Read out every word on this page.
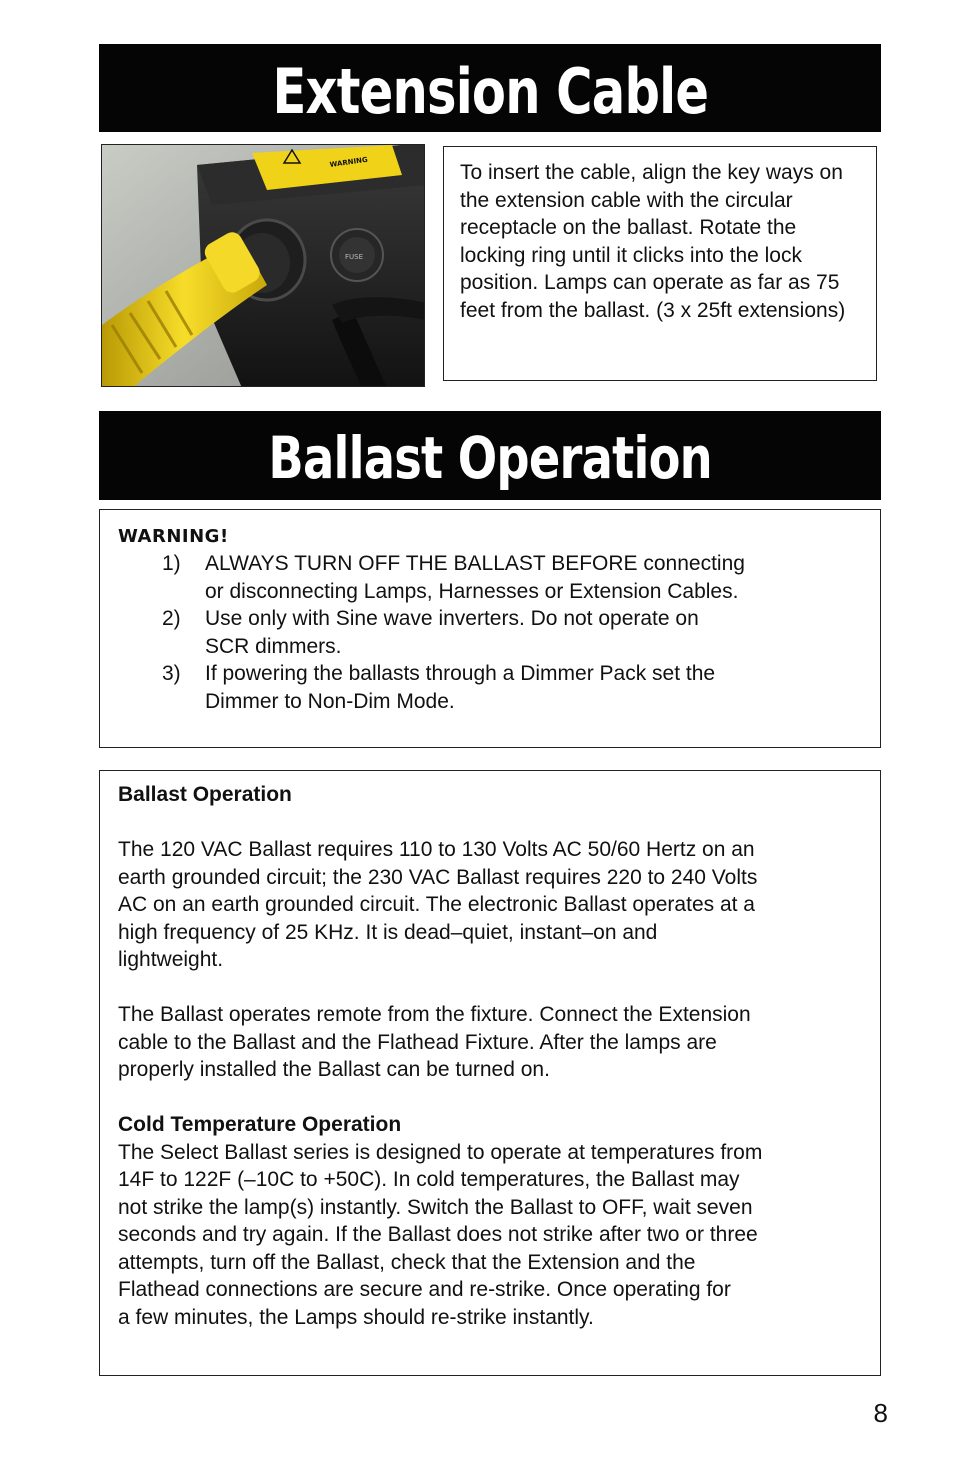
Extension Cable
WARNING
FUSE

To insert the cable, align the key ways on the extension cable with the circular receptacle on the ballast. Rotate the locking ring until it clicks into the lock position. Lamps can operate as far as 75 feet from the ballast. (3 x 25ft extensions)

Ballast Operation
WARNING!
1) ALWAYS TURN OFF THE BALLAST BEFORE connecting
or disconnecting Lamps, Harnesses or Extension Cables.
2) Use only with Sine wave inverters. Do not operate on
SCR dimmers.
3) If powering the ballasts through a Dimmer Pack set the
Dimmer to Non-Dim Mode.

Ballast Operation

The 120 VAC Ballast requires 110 to 130 Volts AC 50/60 Hertz on an
earth grounded circuit; the 230 VAC Ballast requires 220 to 240 Volts
AC on an earth grounded circuit. The electronic Ballast operates at a
high frequency of 25 KHz. It is dead–quiet, instant–on and
lightweight.
The Ballast operates remote from the fixture. Connect the Extension
cable to the Ballast and the Flathead Fixture. After the lamps are
properly installed the Ballast can be turned on.

Cold Temperature Operation

The Select Ballast series is designed to operate at temperatures from
14F to 122F (–10C to +50C). In cold temperatures, the Ballast may
not strike the lamp(s) instantly. Switch the Ballast to OFF, wait seven
seconds and try again. If the Ballast does not strike after two or three
attempts, turn off the Ballast, check that the Extension and the
Flathead connections are secure and re-strike. Once operating for
a few minutes, the Lamps should re-strike instantly.
8
